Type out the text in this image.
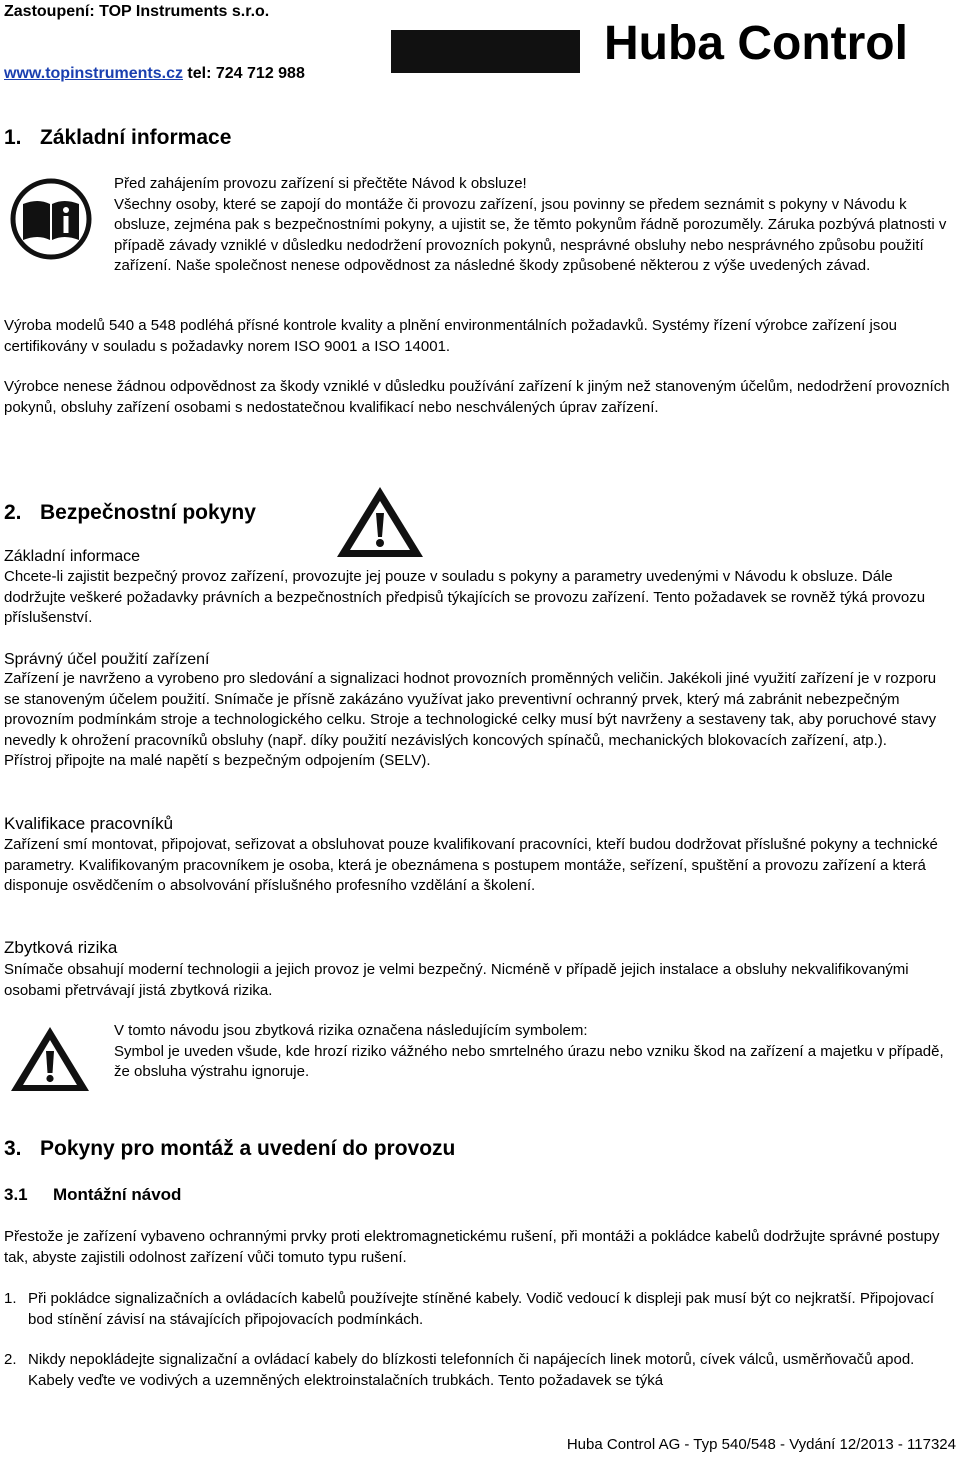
Zastoupení: TOP Instruments s.r.o.
www.topinstruments.cz tel: 724 712 988
Huba Control
1. Základní informace

Před zahájením provozu zařízení si přečtěte Návod k obsluze!

Všechny osoby, které se zapojí do montáže či provozu zařízení, jsou povinny se předem seznámit s pokyny v Návodu k obsluze, zejména pak s bezpečnostními pokyny, a ujistit se, že těmto pokynům řádně porozuměly. Záruka pozbývá platnosti v případě závady vzniklé v důsledku nedodržení provozních pokynů, nesprávné obsluhy nebo nesprávného způsobu použití zařízení. Naše společnost nenese odpovědnost za následné škody způsobené některou z výše uvedených závad.

Výroba modelů 540 a 548 podléhá přísné kontrole kvality a plnění environmentálních požadavků. Systémy řízení výrobce zařízení jsou certifikovány v souladu s požadavky norem ISO 9001 a ISO 14001.

Výrobce nenese žádnou odpovědnost za škody vzniklé v důsledku používání zařízení k jiným než stanoveným účelům, nedodržení provozních pokynů, obsluhy zařízení osobami s nedostatečnou kvalifikací nebo neschválených úprav zařízení.

2. Bezpečnostní pokyny
Základní informace

Chcete-li zajistit bezpečný provoz zařízení, provozujte jej pouze v souladu s pokyny a parametry uvedenými v Návodu k obsluze. Dále dodržujte veškeré požadavky právních a bezpečnostních předpisů týkajících se provozu zařízení. Tento požadavek se rovněž týká provozu příslušenství.

Správný účel použití zařízení

Zařízení je navrženo a vyrobeno pro sledování a signalizaci hodnot provozních proměnných veličin. Jakékoli jiné využití zařízení je v rozporu se stanoveným účelem použití. Snímače je přísně zakázáno využívat jako preventivní ochranný prvek, který má zabránit nebezpečným provozním podmínkám stroje a technologického celku. Stroje a technologické celky musí být navrženy a sestaveny tak, aby poruchové stavy nevedly k ohrožení pracovníků obsluhy (např. díky použití nezávislých koncových spínačů, mechanických blokovacích zařízení, atp.).

Přístroj připojte na malé napětí s bezpečným odpojením (SELV).

Kvalifikace pracovníků

Zařízení smí montovat, připojovat, seřizovat a obsluhovat pouze kvalifikovaní pracovníci, kteří budou dodržovat příslušné pokyny a technické parametry. Kvalifikovaným pracovníkem je osoba, která je obeznámena s postupem montáže, seřízení, spuštění a provozu zařízení a která disponuje osvědčením o absolvování příslušného profesního vzdělání a školení.

Zbytková rizika

Snímače obsahují moderní technologii a jejich provoz je velmi bezpečný. Nicméně v případě jejich instalace a obsluhy nekvalifikovanými osobami přetrvávají jistá zbytková rizika.

V tomto návodu jsou zbytková rizika označena následujícím symbolem:

Symbol je uveden všude, kde hrozí riziko vážného nebo smrtelného úrazu nebo vzniku škod na zařízení a majetku v případě, že obsluha výstrahu ignoruje.

3. Pokyny pro montáž a uvedení do provozu
3.1 Montážní návod

Přestože je zařízení vybaveno ochrannými prvky proti elektromagnetickému rušení, při montáži a pokládce kabelů dodržujte správné postupy tak, abyste zajistili odolnost zařízení vůči tomuto typu rušení.

1. Při pokládce signalizačních a ovládacích kabelů používejte stíněné kabely. Vodič vedoucí k displeji pak musí být co nejkratší. Připojovací bod stínění závisí na stávajících připojovacích podmínkách.

2. Nikdy nepokládejte signalizační a ovládací kabely do blízkosti telefonních či napájecích linek motorů, cívek válců, usměrňovačů apod. Kabely veďte ve vodivých a uzemněných elektroinstalačních trubkách. Tento požadavek se týká

Huba Control AG - Typ 540/548 - Vydání 12/2013 - 117324
